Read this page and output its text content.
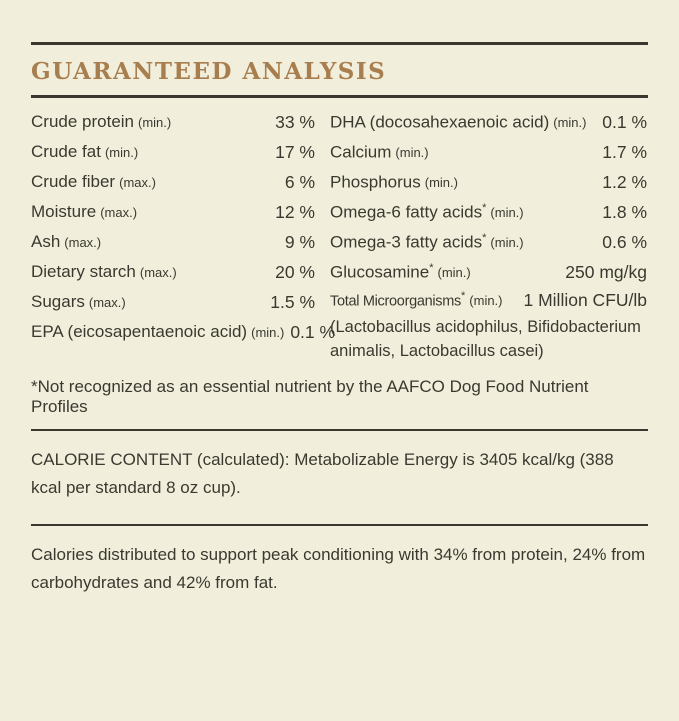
GUARANTEED ANALYSIS
Crude protein (min.)	33 %
Crude fat (min.)	17 %
Crude fiber (max.)	6 %
Moisture (max.)	12 %
Ash (max.)	9 %
Dietary starch (max.)	20 %
Sugars (max.)	1.5 %
EPA (eicosapentaenoic acid) (min.) 0.1 %
DHA (docosahexaenoic acid) (min.) 0.1 %
Calcium (min.)	1.7 %
Phosphorus (min.)	1.2 %
Omega-6 fatty acids* (min.)	1.8 %
Omega-3 fatty acids* (min.)	0.6 %
Glucosamine* (min.)	250 mg/kg
Total Microorganisms* (min.) 1 Million CFU/lb
(Lactobacillus acidophilus, Bifidobacterium animalis, Lactobacillus casei)
*Not recognized as an essential nutrient by the AAFCO Dog Food Nutrient Profiles

CALORIE CONTENT (calculated): Metabolizable Energy is 3405 kcal/kg (388 kcal per standard 8 oz cup).

Calories distributed to support peak conditioning with 34% from protein, 24% from carbohydrates and 42% from fat.
